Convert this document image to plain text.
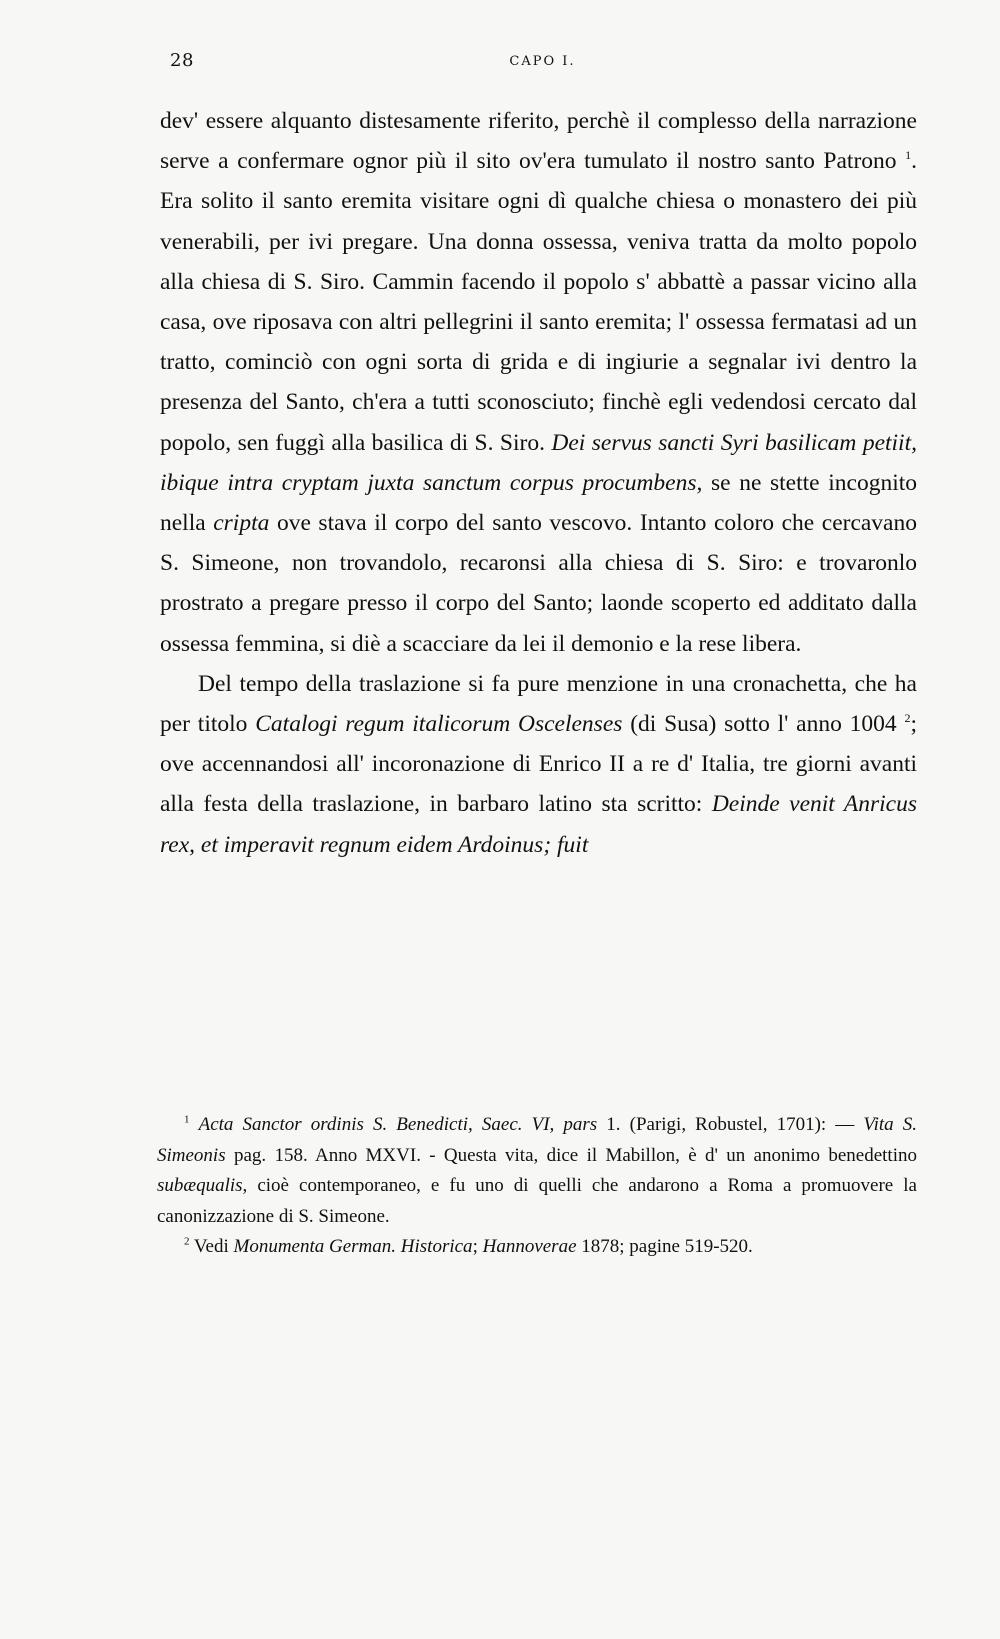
28	CAPO I.

dev' essere alquanto distesamente riferito, perchè il complesso della narrazione serve a confermare ognor più il sito ov'era tumulato il nostro santo Patrono $^1$. Era solito il santo eremita visitare ogni dì qualche chiesa o monastero dei più venerabili, per ivi pregare. Una donna ossessa, veniva tratta da molto popolo alla chiesa di S. Siro. Cammin facendo il popolo s' abbattè a passar vicino alla casa, ove riposava con altri pellegrini il santo eremita; l' ossessa fermatasi ad un tratto, cominciò con ogni sorta di grida e di ingiurie a segnalar ivi dentro la presenza del Santo, ch'era a tutti sconosciuto; finchè egli vedendosi cercato dal popolo, sen fuggì alla basilica di S. Siro. Dei servus sancti Syri basilicam petiit, ibique intra cryptam juxta sanctum corpus procumbens, se ne stette incognito nella cripta ove stava il corpo del santo vescovo. Intanto coloro che cercavano S. Simeone, non trovandolo, recaronsi alla chiesa di S. Siro: e trovaronlo prostrato a pregare presso il corpo del Santo; laonde scoperto ed additato dalla ossessa femmina, si diè a scacciare da lei il demonio e la rese libera.

Del tempo della traslazione si fa pure menzione in una cronachetta, che ha per titolo Catalogi regum italicorum Oscelenses (di Susa) sotto l' anno 1004 $^2$; ove accennandosi all' incoronazione di Enrico II a re d' Italia, tre giorni avanti alla festa della traslazione, in barbaro latino sta scritto: Deinde venit Anricus rex, et imperavit regnum eidem Ardoinus; fuit

$^1$ Acta Sanctor ordinis S. Benedicti, Saec. VI, pars 1. (Parigi, Robustel, 1701): — Vita S. Simeonis pag. 158. Anno MXVI. - Questa vita, dice il Mabillon, è d' un anonimo benedettino subæqualis, cioè contemporaneo, e fu uno di quelli che andarono a Roma a promuovere la canonizzazione di S. Simeone.

$^2$ Vedi Monumenta German. Historica; Hannoverae 1878; pagine 519-520.
